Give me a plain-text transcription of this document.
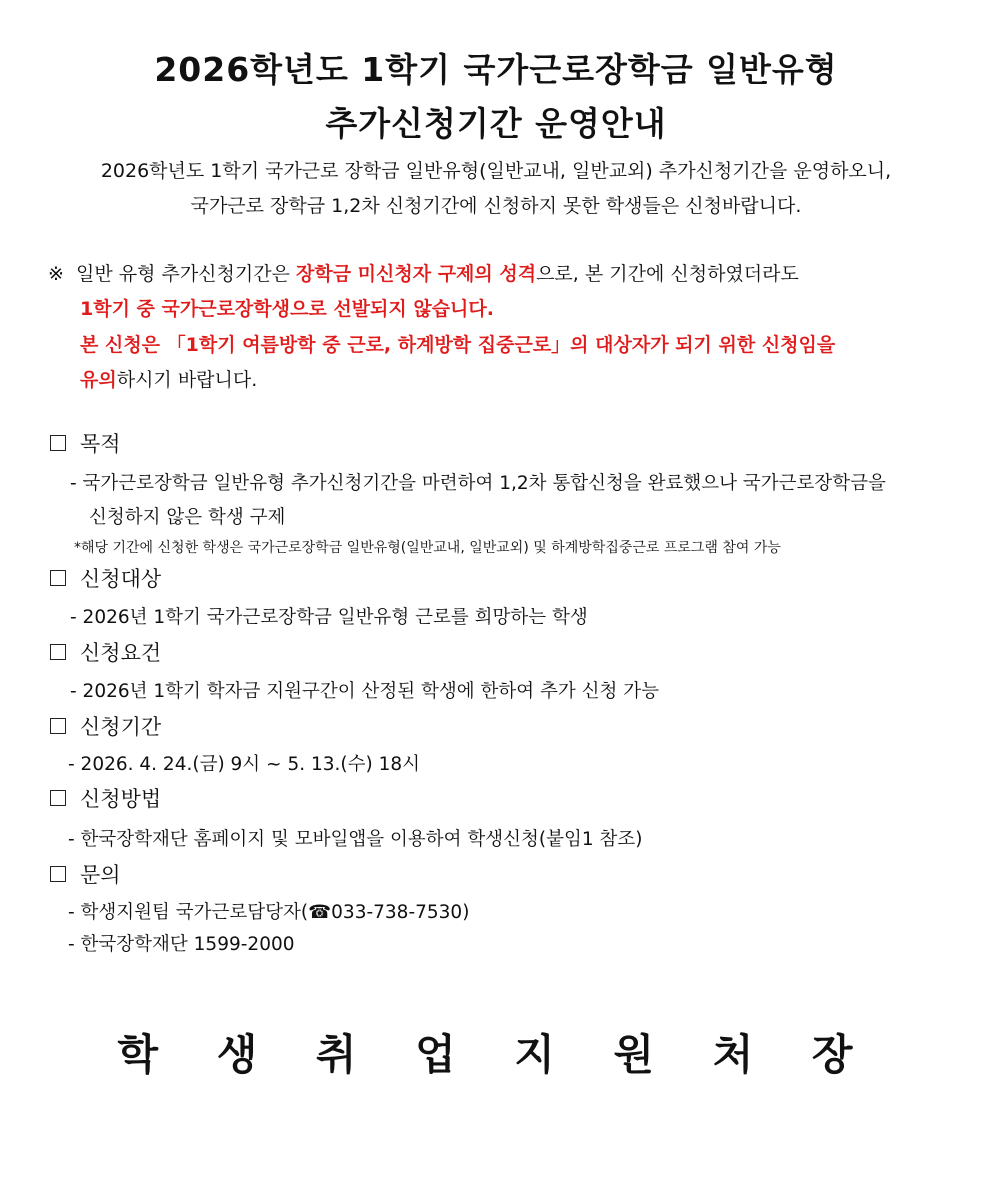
2026학년도 1학기 국가근로장학금 일반유형
추가신청기간 운영안내
2026학년도 1학기 국가근로 장학금 일반유형(일반교내, 일반교외) 추가신청기간을 운영하오니,
국가근로 장학금 1,2차 신청기간에 신청하지 못한 학생들은 신청바랍니다.
※ 일반 유형 추가신청기간은 장학금 미신청자 구제의 성격으로, 본 기간에 신청하였더라도
1학기 중 국가근로장학생으로 선발되지 않습니다.
본 신청은 「1학기 여름방학 중 근로, 하계방학 집중근로」의 대상자가 되기 위한 신청임을
유의하시기 바랍니다.
목적
- 국가근로장학금 일반유형 추가신청기간을 마련하여 1,2차 통합신청을 완료했으나 국가근로장학금을
신청하지 않은 학생 구제
*해당 기간에 신청한 학생은 국가근로장학금 일반유형(일반교내, 일반교외) 및 하계방학집중근로 프로그램 참여 가능
신청대상
- 2026년 1학기 국가근로장학금 일반유형 근로를 희망하는 학생
신청요건
- 2026년 1학기 학자금 지원구간이 산정된 학생에 한하여 추가 신청 가능
신청기간
- 2026. 4. 24.(금) 9시 ~ 5. 13.(수) 18시
신청방법
- 한국장학재단 홈페이지 및 모바일앱을 이용하여 학생신청(붙임1 참조)
문의
- 학생지원팀 국가근로담당자(☎033-738-7530)
- 한국장학재단 1599-2000
학 생 취 업 지 원 처 장
